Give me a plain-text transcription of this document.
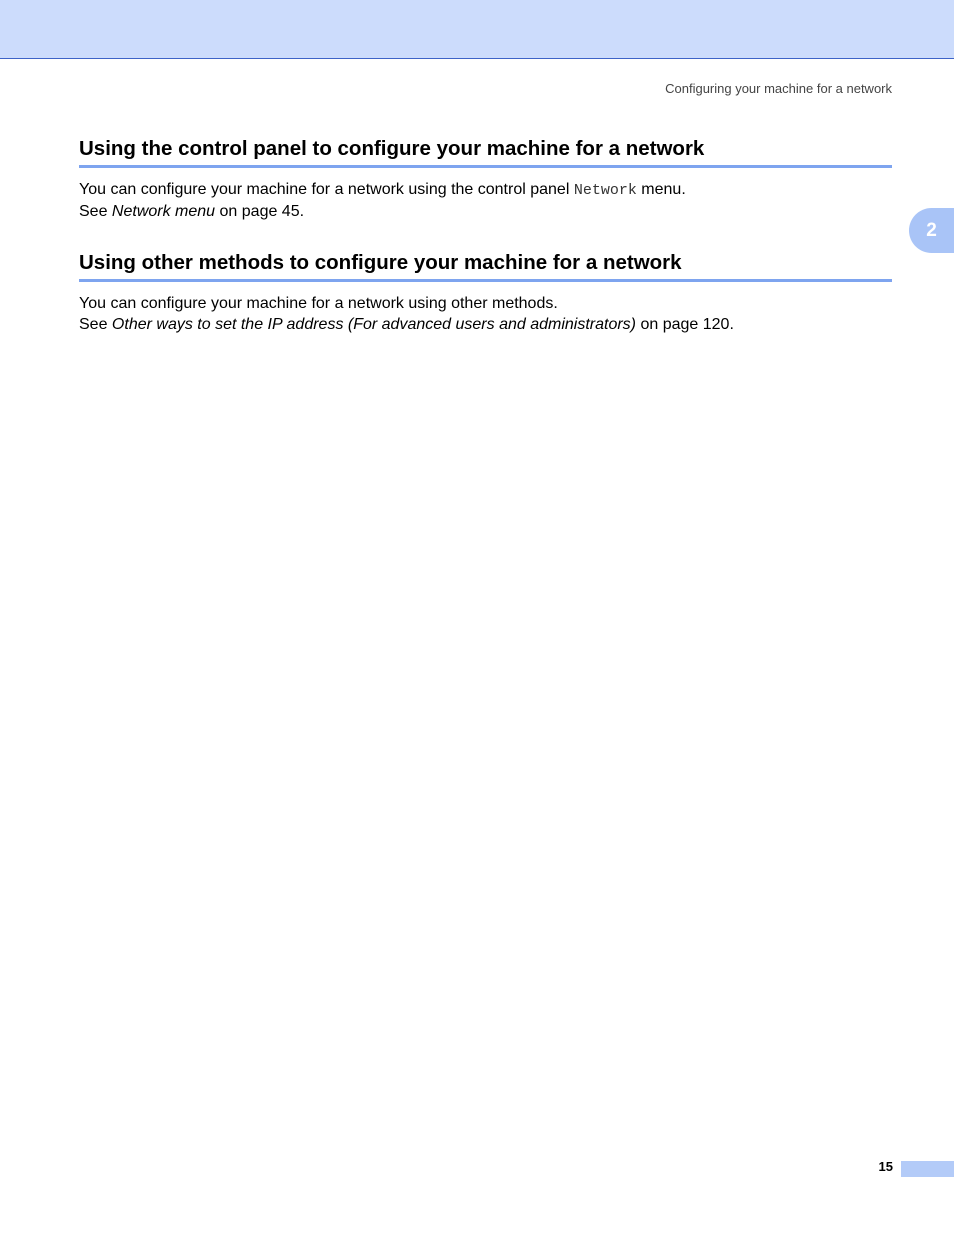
Configuring your machine for a network
2
Using the control panel to configure your machine for a network

You can configure your machine for a network using the control panel Network menu.

See Network menu on page 45.

Using other methods to configure your machine for a network

You can configure your machine for a network using other methods.

See Other ways to set the IP address (For advanced users and administrators) on page 120.

15
